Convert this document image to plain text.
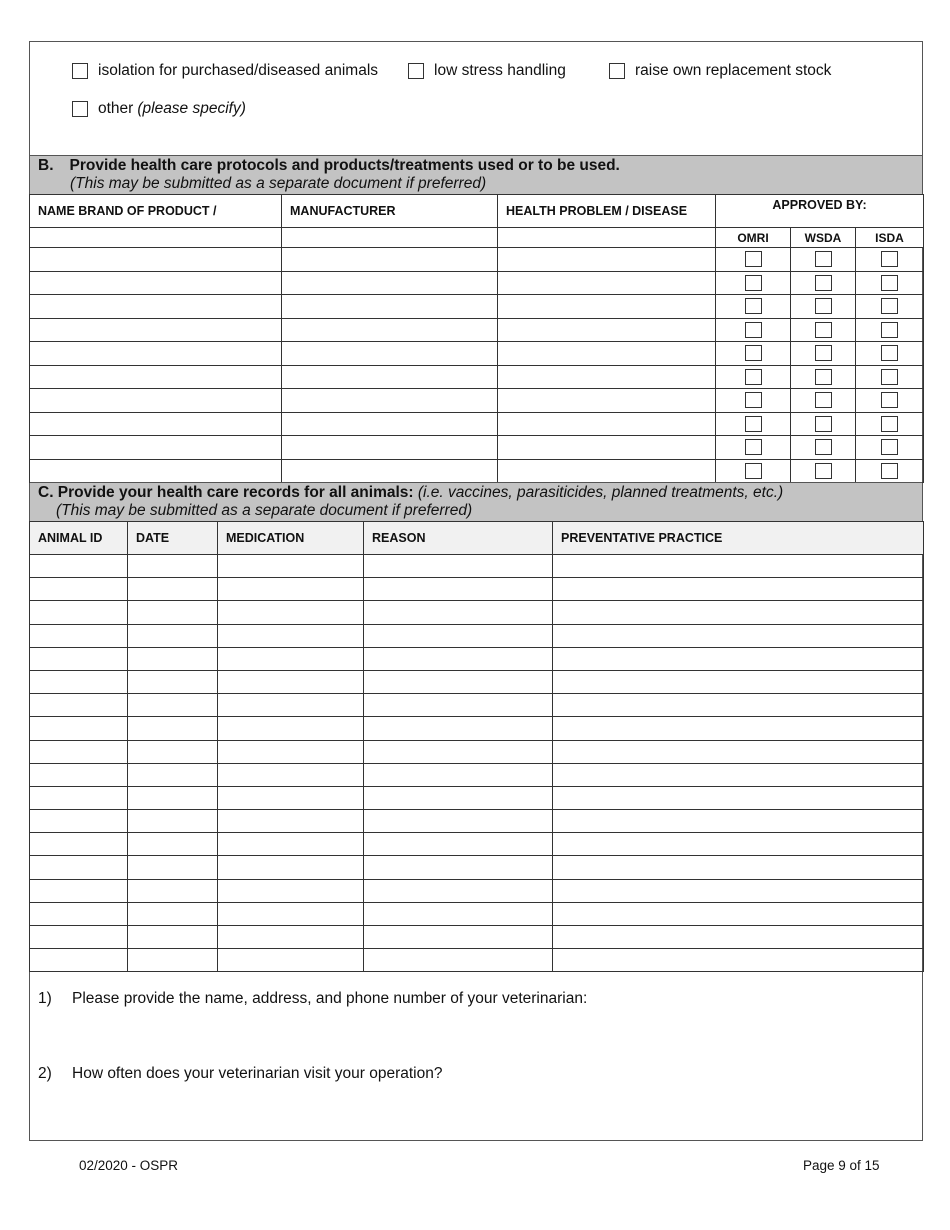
isolation for purchased/diseased animals	low stress handling	raise own replacement stock
other (please specify)
B. Provide health care protocols and products/treatments used or to be used.
(This may be submitted as a separate document if preferred)
NAME BRAND OF PRODUCT /	MANUFACTURER	HEALTH PROBLEM / DISEASE	APPROVED BY:		
			OMRI	WSDA	ISDA

C. Provide your health care records for all animals: (i.e. vaccines, parasiticides, planned treatments, etc.)
(This may be submitted as a separate document if preferred)
ANIMAL ID	DATE	MEDICATION	REASON	PREVENTATIVE PRACTICE

1) Please provide the name, address, and phone number of your veterinarian:
2) How often does your veterinarian visit your operation?
02/2020 - OSPR	Page 9 of 15
